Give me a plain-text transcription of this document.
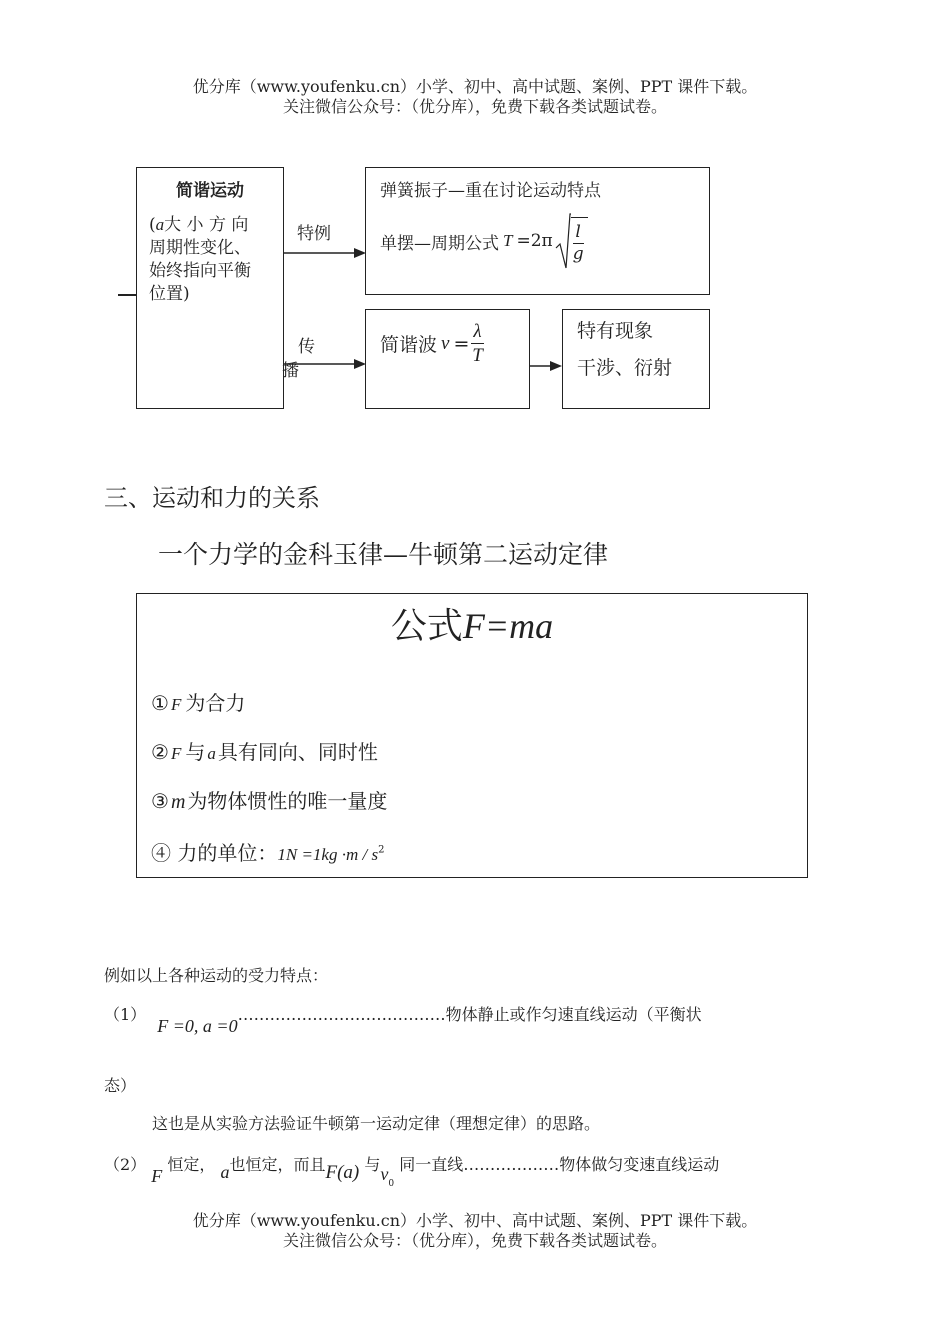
优分库（www.youfenku.cn）小学、初中、高中试题、案例、PPT 课件下载。
关注微信公众号：（优分库），免费下载各类试题试卷。
简谐运动
(a大 小 方 向
周期性变化、
始终指向平衡
位置)
特例
弹簧振子—重在讨论运动特点
单摆—周期公式 $T =2\pi \frac{l}{g}$
传
播
简谐波 $v = \frac{\lambda}{T}$	特有现象
干涉、衍射
三、运动和力的关系
一个力学的金科玉律—牛顿第二运动定律
公式F=ma
① F 为合力
② F 与 a 具有同向、同时性
③ m 为物体惯性的唯一量度
④ 力的单位：$1N =1kg \cdot m / s^2$
例如以上各种运动的受力特点：
（1） F =0, a =0…………………………………物体静止或作匀速直线运动（平衡状
态）
这也是从实验方法验证牛顿第一运动定律（理想定律）的思路。
（2） F 恒定， a也恒定，而且F(a) 与$v_0$ 同一直线………………物体做匀变速直线运动
优分库（www.youfenku.cn）小学、初中、高中试题、案例、PPT 课件下载。
关注微信公众号：（优分库），免费下载各类试题试卷。
